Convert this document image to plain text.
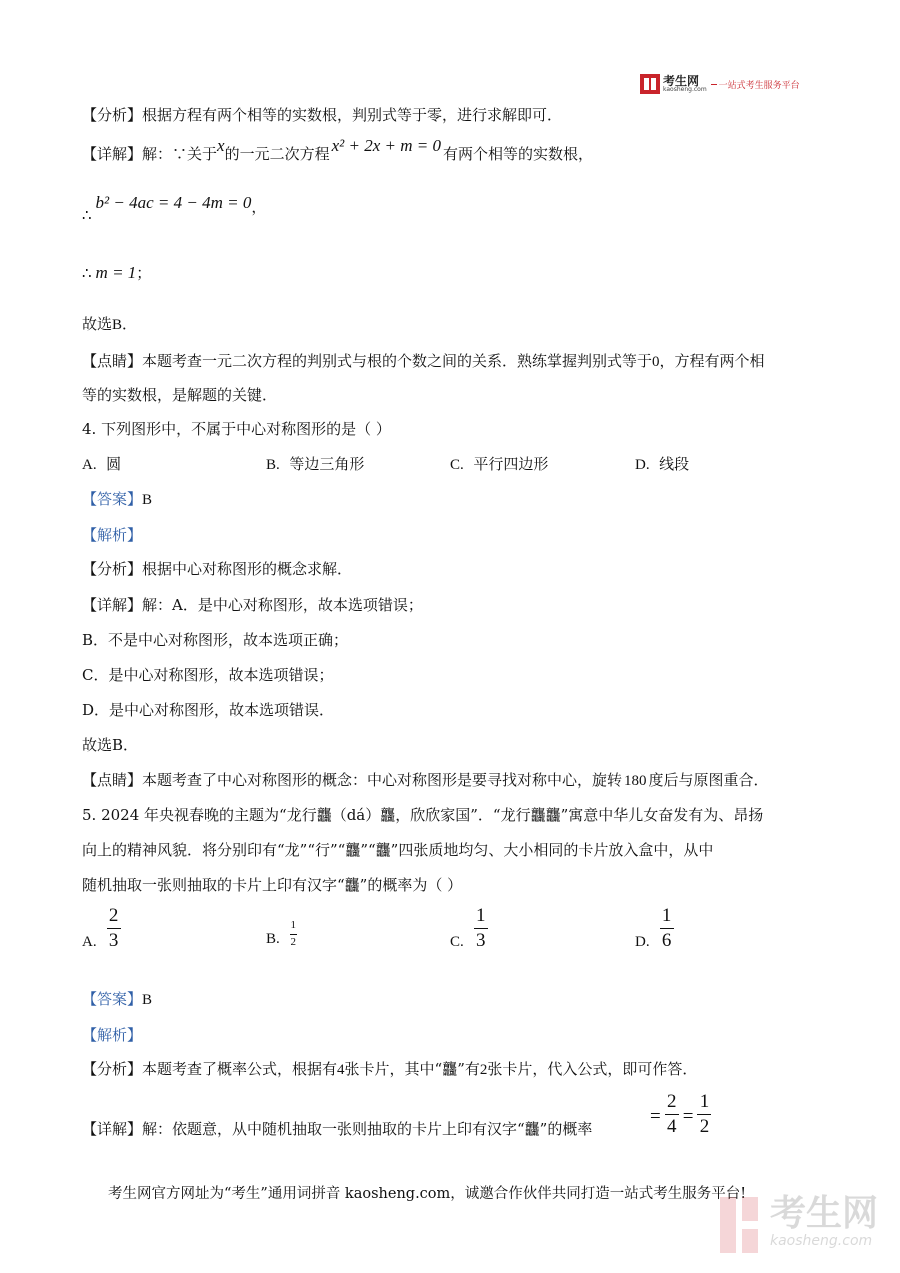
考生网
kaosheng.com 一站式考生服务平台
【分析】根据方程有两个相等的实数根，判别式等于零，进行求解即可．
【详解】解：∵关于x的一元二次方程 x² + 2x + m = 0 有两个相等的实数根，
∴b² − 4ac = 4 − 4m = 0，
∴ m = 1；
故选B．
【点睛】本题考查一元二次方程的判别式与根的个数之间的关系．熟练掌握判别式等于0，方程有两个相
等的实数根，是解题的关键．
4. 下列图形中，不属于中心对称图形的是（ ）
A. 圆	B. 等边三角形	C. 平行四边形	D. 线段
【答案】B
【解析】
【分析】根据中心对称图形的概念求解．
【详解】解：A．是中心对称图形，故本选项错误；
B．不是中心对称图形，故本选项正确；
C．是中心对称图形，故本选项错误；
D．是中心对称图形，故本选项错误．
故选B．
【点睛】本题考查了中心对称图形的概念：中心对称图形是要寻找对称中心，旋转 180 度后与原图重合．
5. 2024 年央视春晚的主题为“龙行龘（dá）龘，欣欣家国”．“龙行龘龘”寓意中华儿女奋发有为、昂扬
向上的精神风貌．将分别印有“龙”“行”“龘”“龘”四张质地均匀、大小相同的卡片放入盒中，从中
随机抽取一张则抽取的卡片上印有汉字“龘”的概率为（ ）
A. $\frac{2}{3}$	B. $\frac{1}{2}$	C. $\frac{1}{3}$	D. $\frac{1}{6}$
【答案】B
【解析】
【分析】本题考查了概率公式，根据有4张卡片，其中“龘”有2张卡片，代入公式，即可作答．
【详解】解：依题意，从中随机抽取一张则抽取的卡片上印有汉字“龘”的概率
= $\frac{2}{4} = \frac{1}{2}$
考生网官方网址为“考生”通用词拼音 kaosheng.com，诚邀合作伙伴共同打造一站式考生服务平台! 考生网
kaosheng.com
